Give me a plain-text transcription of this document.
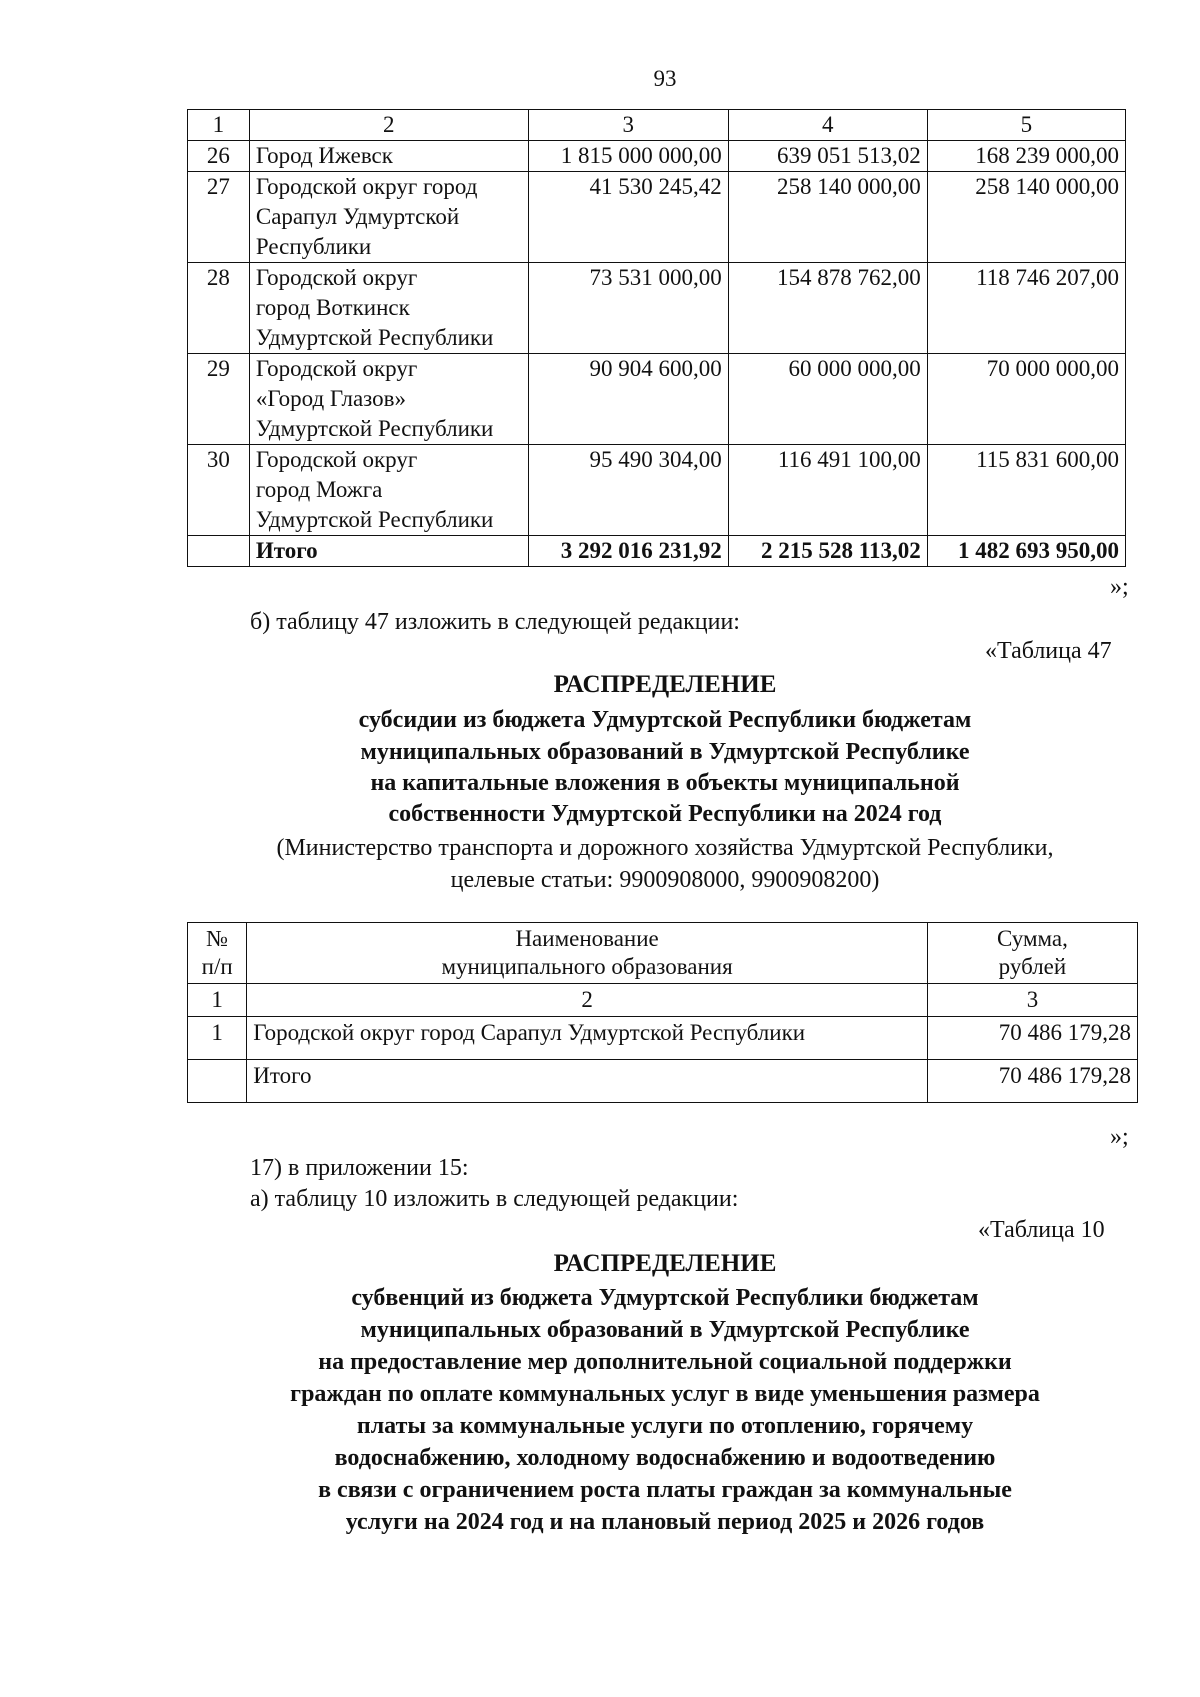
93
1	2	3	4	5
26	Город Ижевск	1 815 000 000,00	639 051 513,02	168 239 000,00
27	Городской округ город
Сарапул Удмуртской
Республики	41 530 245,42	258 140 000,00	258 140 000,00
28	Городской округ
город Воткинск
Удмуртской Республики	73 531 000,00	154 878 762,00	118 746 207,00
29	Городской округ
«Город Глазов»
Удмуртской Республики	90 904 600,00	60 000 000,00	70 000 000,00
30	Городской округ
город Можга
Удмуртской Республики	95 490 304,00	116 491 100,00	115 831 600,00
	Итого	3 292 016 231,92	2 215 528 113,02	1 482 693 950,00
»;
б) таблицу 47 изложить в следующей редакции:
«Таблица 47
РАСПРЕДЕЛЕНИЕ
субсидии из бюджета Удмуртской Республики бюджетам
муниципальных образований в Удмуртской Республике
на капитальные вложения в объекты муниципальной
собственности Удмуртской Республики на 2024 год
(Министерство транспорта и дорожного хозяйства Удмуртской Республики,
целевые статьи: 9900908000, 9900908200)
№
п/п	Наименование
муниципального образования	Сумма,
рублей
1	2	3
1	Городской округ город Сарапул Удмуртской Республики	70 486 179,28
	Итого	70 486 179,28
»;
17) в приложении 15:
а) таблицу 10 изложить в следующей редакции:
«Таблица 10
РАСПРЕДЕЛЕНИЕ
субвенций из бюджета Удмуртской Республики бюджетам
муниципальных образований в Удмуртской Республике
на предоставление мер дополнительной социальной поддержки
граждан по оплате коммунальных услуг в виде уменьшения размера
платы за коммунальные услуги по отоплению, горячему
водоснабжению, холодному водоснабжению и водоотведению
в связи с ограничением роста платы граждан за коммунальные
услуги на 2024 год и на плановый период 2025 и 2026 годов
